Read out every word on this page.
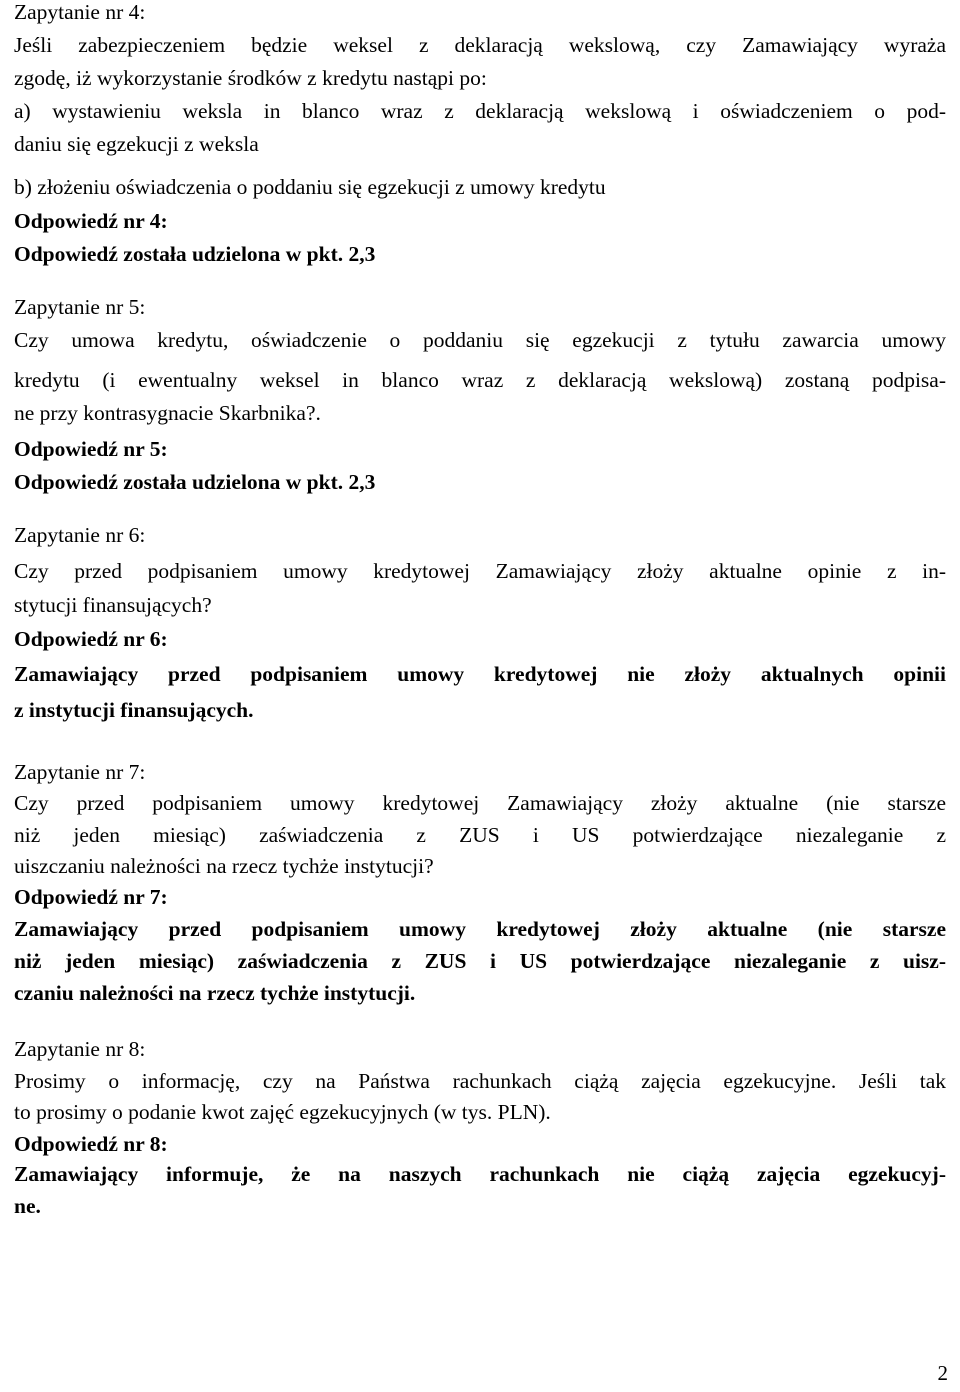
Zapytanie nr 4:
Jeśli zabezpieczeniem będzie weksel z deklaracją wekslową, czy Zamawiający wyraża
zgodę, iż wykorzystanie środków z kredytu nastąpi po:
a) wystawieniu weksla in blanco wraz z deklaracją wekslową i oświadczeniem o pod-
daniu się egzekucji z weksla
b) złożeniu oświadczenia o poddaniu się egzekucji z umowy kredytu
Odpowiedź nr 4:
Odpowiedź została udzielona w pkt. 2,3
Zapytanie nr 5:
Czy umowa kredytu, oświadczenie o poddaniu się egzekucji z tytułu zawarcia umowy
kredytu (i ewentualny weksel in blanco wraz z deklaracją wekslową) zostaną podpisa-
ne przy kontrasygnacie Skarbnika?.
Odpowiedź nr 5:
Odpowiedź została udzielona w pkt. 2,3
Zapytanie nr 6:
Czy przed podpisaniem umowy kredytowej Zamawiający złoży aktualne opinie z in-
stytucji finansujących?
Odpowiedź nr 6:
Zamawiający przed podpisaniem umowy kredytowej nie złoży aktualnych opinii
z instytucji finansujących.
Zapytanie nr 7:
Czy przed podpisaniem umowy kredytowej Zamawiający złoży aktualne (nie starsze
niż jeden miesiąc) zaświadczenia z ZUS i US potwierdzające niezaleganie z
uiszczaniu należności na rzecz tychże instytucji?
Odpowiedź nr 7:
Zamawiający przed podpisaniem umowy kredytowej złoży aktualne (nie starsze
niż jeden miesiąc) zaświadczenia z ZUS i US potwierdzające niezaleganie z uisz-
czaniu należności na rzecz tychże instytucji.
Zapytanie nr 8:
Prosimy o informację, czy na Państwa rachunkach ciążą zajęcia egzekucyjne. Jeśli tak
to prosimy o podanie kwot zajęć egzekucyjnych (w tys. PLN).
Odpowiedź nr 8:
Zamawiający informuje, że na naszych rachunkach nie ciążą zajęcia egzekucyj-
ne.
2
